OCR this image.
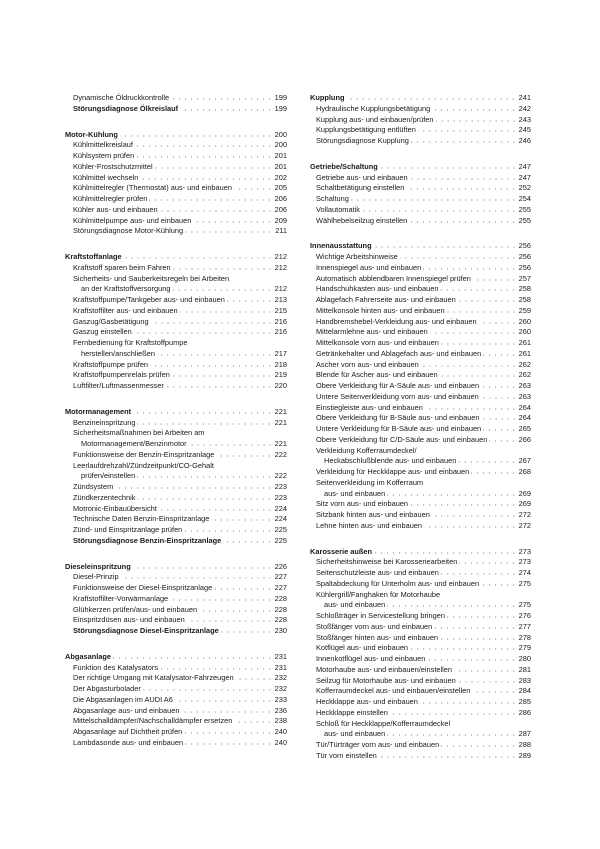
Dynamische Öldruckkontrolle	199
Störungsdiagnose Ölkreislauf	199
Motor-Kühlung	200
Kühlmittelkreislauf	200
Kühlsystem prüfen	201
Kühler-Frostschutzmittel	201
Kühlmittel wechseln	202
Kühlmittelregler (Thermostat) aus- und einbauen	205
Kühlmittelregler prüfen	206
Kühler aus- und einbauen	206
Kühlmittelpumpe aus- und einbauen	209
Störungsdiagnose Motor-Kühlung	211
Kraftstoffanlage	212
Kraftstoff sparen beim Fahren	212
Sicherheits- und Sauberkeitsregeln bei Arbeiten
an der Kraftstoffversorgung	212
Kraftstoffpumpe/Tankgeber aus- und einbauen	213
Kraftstoffilter aus- und einbauen	215
Gaszug/Gasbetätigung	216
Gaszug einstellen	216
Fernbedienung für Kraftstoffpumpe
herstellen/anschließen	217
Kraftstoffpumpe prüfen	218
Kraftstoffpumpenrelais prüfen	219
Luftfilter/Luftmassenmesser	220
Motormanagement	221
Benzineinspritzung	221
Sicherheitsmaßnahmen bei Arbeiten am
Motormanagement/Benzinmotor	221
Funktionsweise der Benzin-Einspritzanlage	222
Leerlaufdrehzahl/Zündzeitpunkt/CO-Gehalt
prüfen/einstellen	222
Zündsystem	223
Zündkerzentechnik	223
Motronic-Einbauübersicht	224
Technische Daten Benzin-Einspritzanlage	224
Zünd- und Einspritzanlage prüfen	225
Störungsdiagnose Benzin-Einspritzanlage	225
Dieseleinspritzung	226
Diesel-Prinzip	227
Funktionsweise der Diesel-Einspritzanlage	227
Kraftstoffilter-Vorwärmanlage	228
Glühkerzen prüfen/aus- und einbauen	228
Einspritzdüsen aus- und einbauen	228
Störungsdiagnose Diesel-Einspritzanlage	230
Abgasanlage	231
Funktion des Katalysators	231
Der richtige Umgang mit Katalysator-Fahrzeugen	232
Der Abgasturbolader	232
Die Abgasanlagen im AUDI A6	233
Abgasanlage aus- und einbauen	236
Mittelschalldämpfer/Nachschalldämpfer ersetzen	238
Abgasanlage auf Dichtheit prüfen	240
Lambdasonde aus- und einbauen	240
Kupplung	241
Hydraulische Kupplungsbetätigung	242
Kupplung aus- und einbauen/prüfen	243
Kupplungsbetätigung entlüften	245
Störungsdiagnose Kupplung	246
Getriebe/Schaltung	247
Getriebe aus- und einbauen	247
Schaltbetätigung einstellen	252
Schaltung	254
Vollautomatik	255
Wählhebelseilzug einstellen	255
Innenausstattung	256
Wichtige Arbeitshinweise	256
Innenspiegel aus- und einbauen	256
Automatisch abblendbaren Innenspiegel prüfen	257
Handschuhkasten aus- und einbauen	258
Ablagefach Fahrerseite aus- und einbauen	258
Mittelkonsole hinten aus- und einbauen	259
Handbremshebel-Verkleidung aus- und einbauen	260
Mittelarmlehne aus- und einbauen	260
Mittelkonsole vorn aus- und einbauen	261
Getränkehalter und Ablagefach aus- und einbauen	261
Ascher vorn aus- und einbauen	262
Blende für Ascher aus- und einbauen	262
Obere Verkleidung für A-Säule aus- und einbauen	263
Untere Seitenverkleidung vorn aus- und einbauen	263
Einstiegleiste aus- und einbauen	264
Obere Verkleidung für B-Säule aus- und einbauen	264
Untere Verkleidung für B-Säule aus- und einbauen	265
Obere Verkleidung für C/D-Säule aus- und einbauen	266
Verkleidung Kofferraumdeckel/
Heckabschlußblende aus- und einbauen	267
Verkleidung für Heckklappe aus- und einbauen	268
Seitenverkleidung im Kofferraum
aus- und einbauen	269
Sitz vorn aus- und einbauen	269
Sitzbank hinten aus- und einbauen	272
Lehne hinten aus- und einbauen	272
Karosserie außen	273
Sicherheitshinweise bei Karosseriearbeiten	273
Seitenschutzleiste aus- und einbauen	274
Spaltabdeckung für Unterholm aus- und einbauen	275
Kühlergrill/Fanghaken für Motorhaube
aus- und einbauen	275
Schloßträger in Servicestellung bringen	276
Stoßfänger vorn aus- und einbauen	277
Stoßfänger hinten aus- und einbauen	278
Kotflügel aus- und einbauen	279
Innenkotflügel aus- und einbauen	280
Motorhaube aus- und einbauen/einstellen	281
Seilzug für Motorhaube aus- und einbauen	283
Kofferraumdeckel aus- und einbauen/einstellen	284
Heckklappe aus- und einbauen	285
Heckklappe einstellen	286
Schloß für Heckklappe/Kofferraumdeckel
aus- und einbauen	287
Tür/Türträger vorn aus- und einbauen	288
Tür vorn einstellen	289
